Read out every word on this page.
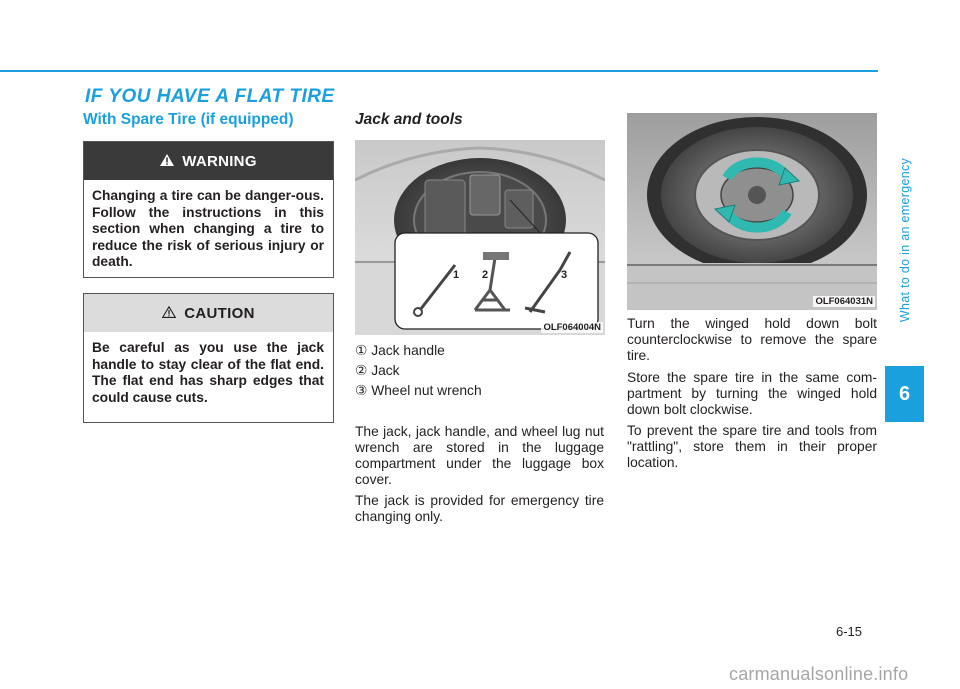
IF YOU HAVE A FLAT TIRE
With Spare Tire (if equipped)
WARNING
Changing a tire can be danger-ous. Follow the instructions in this section when changing a tire to reduce the risk of serious injury or death.
CAUTION
Be careful as you use the jack handle to stay clear of the flat end. The flat end has sharp edges that could cause cuts.
Jack and tools
1 2	3
OLF064004N
① Jack handle
② Jack
③ Wheel nut wrench
The jack, jack handle, and wheel lug nut wrench are stored in the luggage compartment under the luggage box cover.
The jack is provided for emergency tire changing only.
OLF064031N
Turn the winged hold down bolt counterclockwise to remove the spare tire.
Store the spare tire in the same com-partment by turning the winged hold down bolt clockwise.
To prevent the spare tire and tools from "rattling", store them in their proper location.
What to do in an emergency
6
6-15
carmanualsonline.info
